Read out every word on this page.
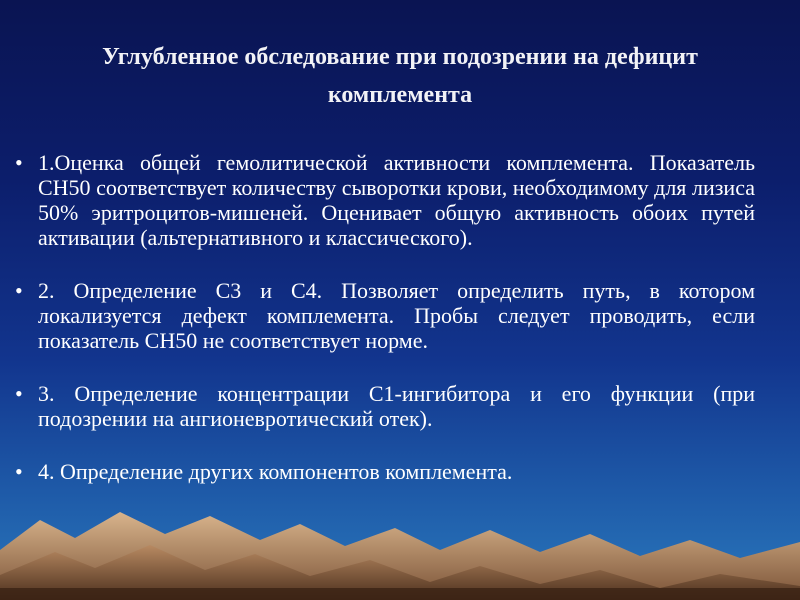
Углубленное обследование при подозрении на дефицит комплемента
• 1.Оценка общей гемолитической активности комплемента. Показатель CH50 соответствует количеству сыворотки крови, необходимому для лизиса 50% эритроцитов-мишеней. Оценивает общую активность обоих путей активации (альтернативного и классического).
• 2. Определение C3 и C4. Позволяет определить путь, в котором локализуется дефект комплемента. Пробы следует проводить, если показатель CH50 не соответствует норме.
• 3. Определение концентрации C1-ингибитора и его функции (при подозрении на ангионевротический отек).
• 4. Определение других компонентов комплемента.
